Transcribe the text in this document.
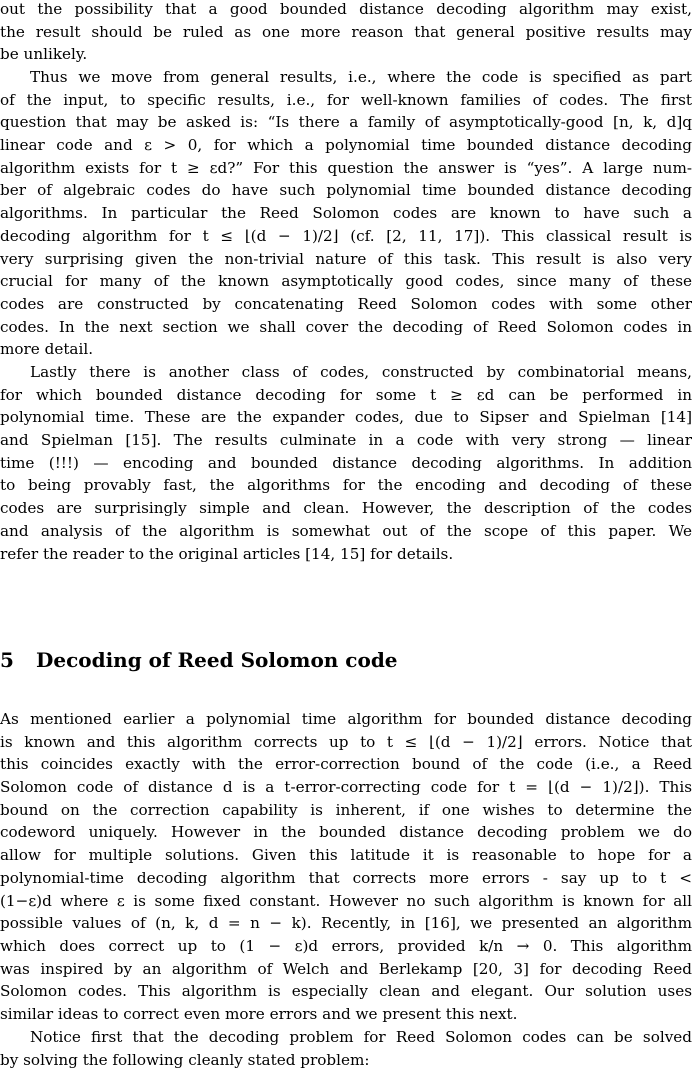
out the possibility that a good bounded distance decoding algorithm may exist,
the result should be ruled as one more reason that general positive results may
be unlikely.
Thus we move from general results, i.e., where the code is specified as part
of the input, to specific results, i.e., for well-known families of codes. The first
question that may be asked is: “Is there a family of asymptotically-good [n, k, d]q
linear code and ε > 0, for which a polynomial time bounded distance decoding
algorithm exists for t ≥ εd?” For this question the answer is “yes”. A large num-
ber of algebraic codes do have such polynomial time bounded distance decoding
algorithms. In particular the Reed Solomon codes are known to have such a
decoding algorithm for t ≤ ⌊(d − 1)/2⌋ (cf. [2, 11, 17]). This classical result is
very surprising given the non-trivial nature of this task. This result is also very
crucial for many of the known asymptotically good codes, since many of these
codes are constructed by concatenating Reed Solomon codes with some other
codes. In the next section we shall cover the decoding of Reed Solomon codes in
more detail.
Lastly there is another class of codes, constructed by combinatorial means,
for which bounded distance decoding for some t ≥ εd can be performed in
polynomial time. These are the expander codes, due to Sipser and Spielman [14]
and Spielman [15]. The results culminate in a code with very strong — linear
time (!!!) — encoding and bounded distance decoding algorithms. In addition
to being provably fast, the algorithms for the encoding and decoding of these
codes are surprisingly simple and clean. However, the description of the codes
and analysis of the algorithm is somewhat out of the scope of this paper. We
refer the reader to the original articles [14, 15] for details.
5 Decoding of Reed Solomon code
As mentioned earlier a polynomial time algorithm for bounded distance decoding
is known and this algorithm corrects up to t ≤ ⌊(d − 1)/2⌋ errors. Notice that
this coincides exactly with the error-correction bound of the code (i.e., a Reed
Solomon code of distance d is a t-error-correcting code for t = ⌊(d − 1)/2⌋). This
bound on the correction capability is inherent, if one wishes to determine the
codeword uniquely. However in the bounded distance decoding problem we do
allow for multiple solutions. Given this latitude it is reasonable to hope for a
polynomial-time decoding algorithm that corrects more errors - say up to t <
(1−ε)d where ε is some fixed constant. However no such algorithm is known for all
possible values of (n, k, d = n − k). Recently, in [16], we presented an algorithm
which does correct up to (1 − ε)d errors, provided k/n → 0. This algorithm
was inspired by an algorithm of Welch and Berlekamp [20, 3] for decoding Reed
Solomon codes. This algorithm is especially clean and elegant. Our solution uses
similar ideas to correct even more errors and we present this next.
Notice first that the decoding problem for Reed Solomon codes can be solved
by solving the following cleanly stated problem:
